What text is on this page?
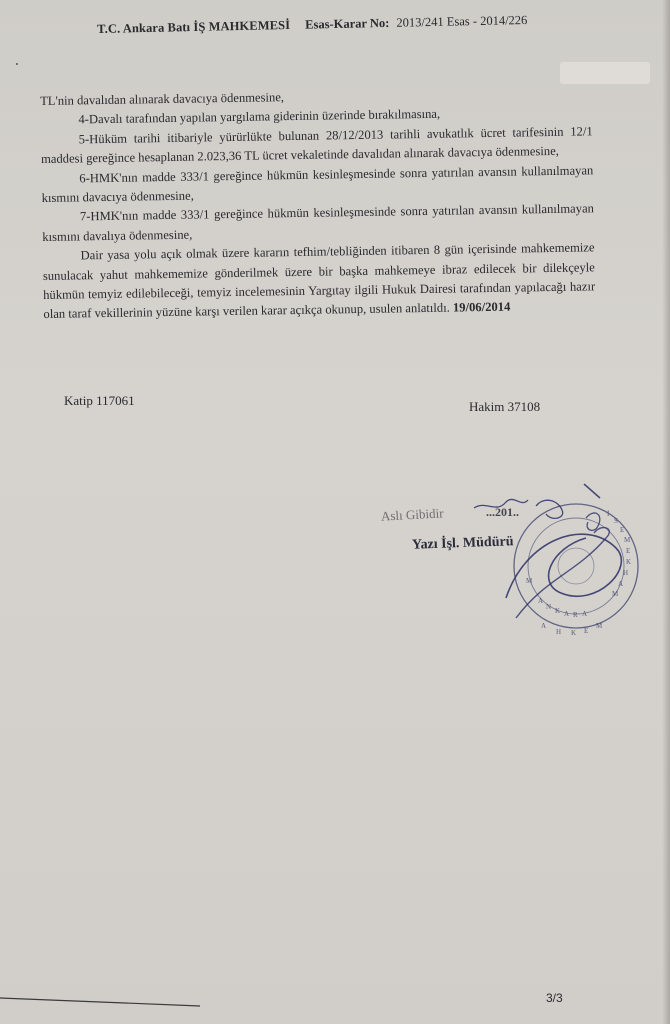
T.C. Ankara Batı İŞ MAHKEMESİ Esas-Karar No: 2013/241 Esas - 2014/226

TL'nin davalıdan alınarak davacıya ödenmesine,

4-Davalı tarafından yapılan yargılama giderinin üzerinde bırakılmasına,

5-Hüküm tarihi itibariyle yürürlükte bulunan 28/12/2013 tarihli avukatlık ücret tarifesinin 12/1 maddesi gereğince hesaplanan 2.023,36 TL ücret vekaletinde davalıdan alınarak davacıya ödenmesine,

6-HMK'nın madde 333/1 gereğince hükmün kesinleşmesinde sonra yatırılan avansın kullanılmayan kısmını davacıya ödenmesine,

7-HMK'nın madde 333/1 gereğince hükmün kesinleşmesinde sonra yatırılan avansın kullanılmayan kısmını davalıya ödenmesine,

Dair yasa yolu açık olmak üzere kararın tefhim/tebliğinden itibaren 8 gün içerisinde mahkememize sunulacak yahut mahkememize gönderilmek üzere bir başka mahkemeye ibraz edilecek bir dilekçeyle hükmün temyiz edilebileceği, temyiz incelemesinin Yargıtay ilgili Hukuk Dairesi tarafından yapılacağı hazır olan taraf vekillerinin yüzüne karşı verilen karar açıkça okunup, usulen anlatıldı. 19/06/2014

Katip 117061	Hakim 37108
Aslı Gibidir
Yazı İşl. Müdürü
AN K A R A MAH KEM ESİ MAH K EM
...201..
3/3
